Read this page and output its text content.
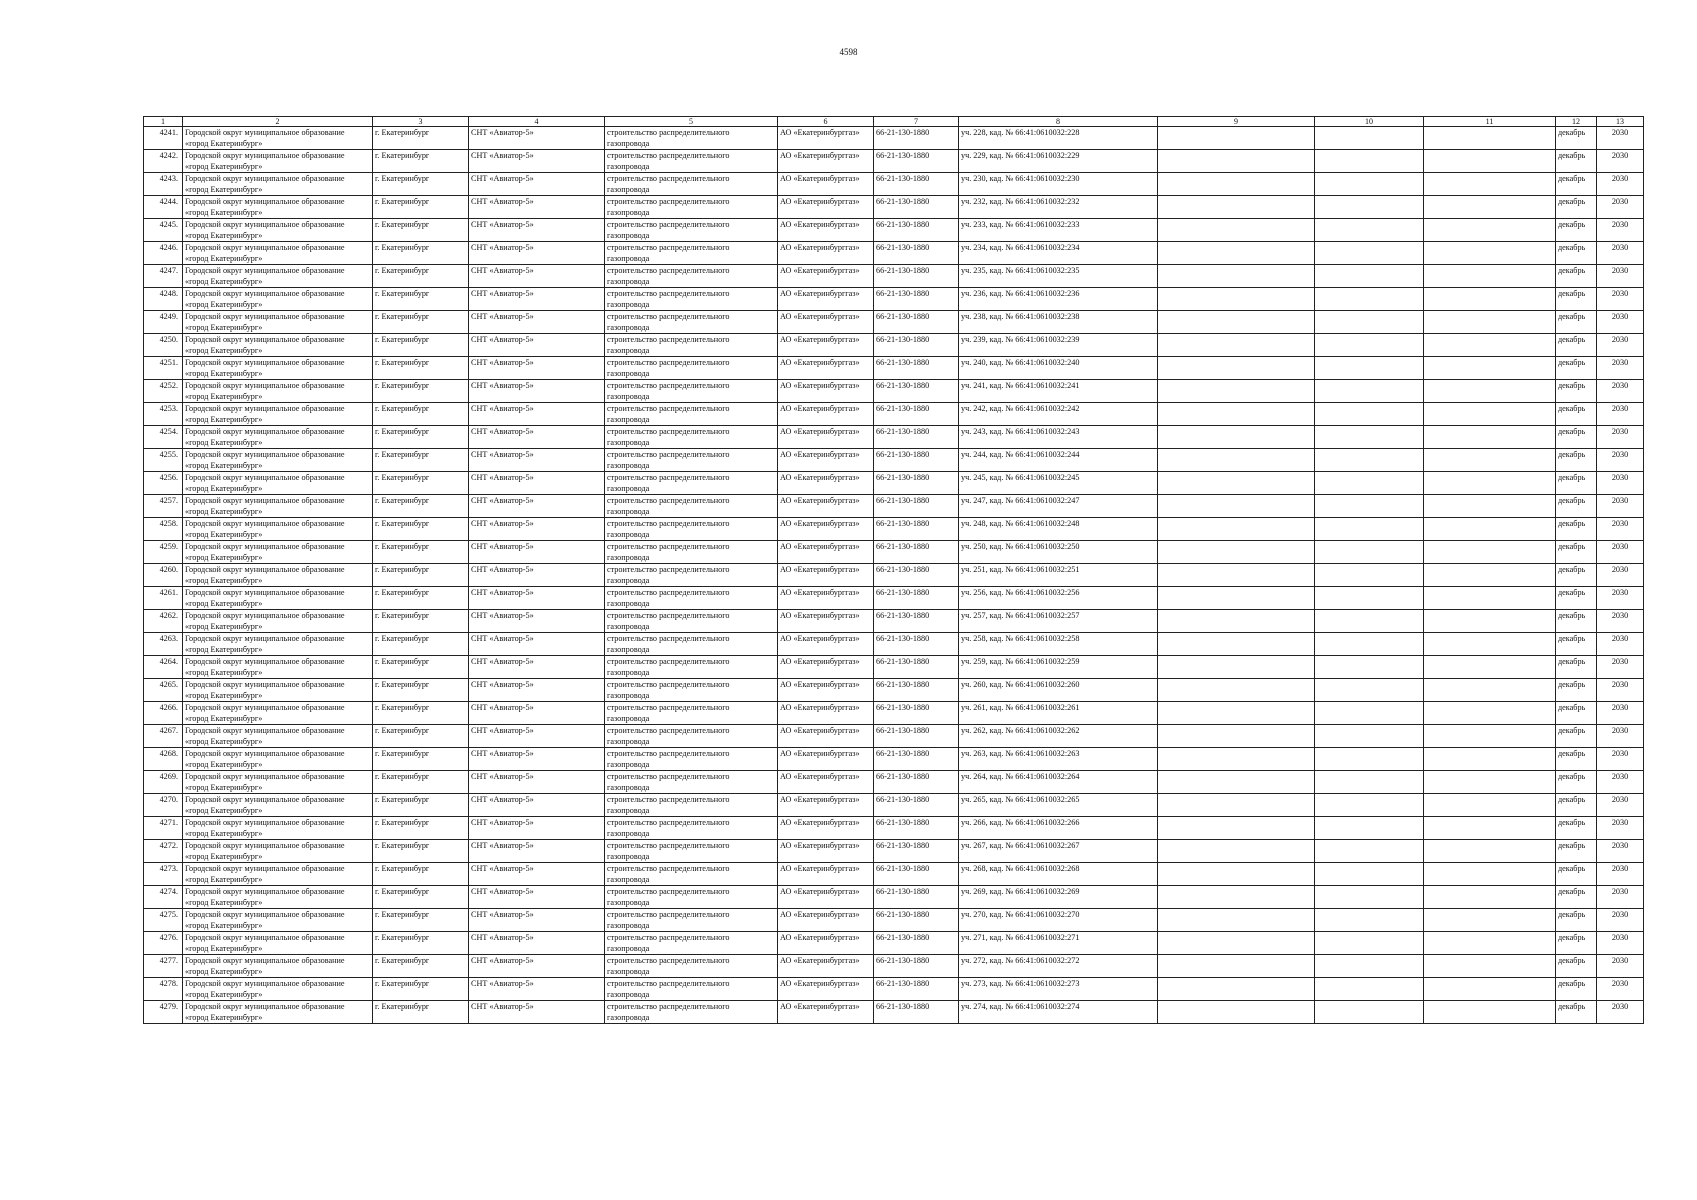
4598
1	2	3	4	5	6	7	8	9	10	11	12	13
4241.	Городской округ муниципальное образование
«город Екатеринбург»	г. Екатеринбург	СНТ «Авиатор-5»	строительство распределительного
газопровода	АО «Екатеринбурггаз»	66-21-130-1880	уч. 228, кад. № 66:41:0610032:228				декабрь	2030
4242.	Городской округ муниципальное образование
«город Екатеринбург»	г. Екатеринбург	СНТ «Авиатор-5»	строительство распределительного
газопровода	АО «Екатеринбурггаз»	66-21-130-1880	уч. 229, кад. № 66:41:0610032:229				декабрь	2030
4243.	Городской округ муниципальное образование
«город Екатеринбург»	г. Екатеринбург	СНТ «Авиатор-5»	строительство распределительного
газопровода	АО «Екатеринбурггаз»	66-21-130-1880	уч. 230, кад. № 66:41:0610032:230				декабрь	2030
4244.	Городской округ муниципальное образование
«город Екатеринбург»	г. Екатеринбург	СНТ «Авиатор-5»	строительство распределительного
газопровода	АО «Екатеринбурггаз»	66-21-130-1880	уч. 232, кад. № 66:41:0610032:232				декабрь	2030
4245.	Городской округ муниципальное образование
«город Екатеринбург»	г. Екатеринбург	СНТ «Авиатор-5»	строительство распределительного
газопровода	АО «Екатеринбурггаз»	66-21-130-1880	уч. 233, кад. № 66:41:0610032:233				декабрь	2030
4246.	Городской округ муниципальное образование
«город Екатеринбург»	г. Екатеринбург	СНТ «Авиатор-5»	строительство распределительного
газопровода	АО «Екатеринбурггаз»	66-21-130-1880	уч. 234, кад. № 66:41:0610032:234				декабрь	2030
4247.	Городской округ муниципальное образование
«город Екатеринбург»	г. Екатеринбург	СНТ «Авиатор-5»	строительство распределительного
газопровода	АО «Екатеринбурггаз»	66-21-130-1880	уч. 235, кад. № 66:41:0610032:235				декабрь	2030
4248.	Городской округ муниципальное образование
«город Екатеринбург»	г. Екатеринбург	СНТ «Авиатор-5»	строительство распределительного
газопровода	АО «Екатеринбурггаз»	66-21-130-1880	уч. 236, кад. № 66:41:0610032:236				декабрь	2030
4249.	Городской округ муниципальное образование
«город Екатеринбург»	г. Екатеринбург	СНТ «Авиатор-5»	строительство распределительного
газопровода	АО «Екатеринбурггаз»	66-21-130-1880	уч. 238, кад. № 66:41:0610032:238				декабрь	2030
4250.	Городской округ муниципальное образование
«город Екатеринбург»	г. Екатеринбург	СНТ «Авиатор-5»	строительство распределительного
газопровода	АО «Екатеринбурггаз»	66-21-130-1880	уч. 239, кад. № 66:41:0610032:239				декабрь	2030
4251.	Городской округ муниципальное образование
«город Екатеринбург»	г. Екатеринбург	СНТ «Авиатор-5»	строительство распределительного
газопровода	АО «Екатеринбурггаз»	66-21-130-1880	уч. 240, кад. № 66:41:0610032:240				декабрь	2030
4252.	Городской округ муниципальное образование
«город Екатеринбург»	г. Екатеринбург	СНТ «Авиатор-5»	строительство распределительного
газопровода	АО «Екатеринбурггаз»	66-21-130-1880	уч. 241, кад. № 66:41:0610032:241				декабрь	2030
4253.	Городской округ муниципальное образование
«город Екатеринбург»	г. Екатеринбург	СНТ «Авиатор-5»	строительство распределительного
газопровода	АО «Екатеринбурггаз»	66-21-130-1880	уч. 242, кад. № 66:41:0610032:242				декабрь	2030
4254.	Городской округ муниципальное образование
«город Екатеринбург»	г. Екатеринбург	СНТ «Авиатор-5»	строительство распределительного
газопровода	АО «Екатеринбурггаз»	66-21-130-1880	уч. 243, кад. № 66:41:0610032:243				декабрь	2030
4255.	Городской округ муниципальное образование
«город Екатеринбург»	г. Екатеринбург	СНТ «Авиатор-5»	строительство распределительного
газопровода	АО «Екатеринбурггаз»	66-21-130-1880	уч. 244, кад. № 66:41:0610032:244				декабрь	2030
4256.	Городской округ муниципальное образование
«город Екатеринбург»	г. Екатеринбург	СНТ «Авиатор-5»	строительство распределительного
газопровода	АО «Екатеринбурггаз»	66-21-130-1880	уч. 245, кад. № 66:41:0610032:245				декабрь	2030
4257.	Городской округ муниципальное образование
«город Екатеринбург»	г. Екатеринбург	СНТ «Авиатор-5»	строительство распределительного
газопровода	АО «Екатеринбурггаз»	66-21-130-1880	уч. 247, кад. № 66:41:0610032:247				декабрь	2030
4258.	Городской округ муниципальное образование
«город Екатеринбург»	г. Екатеринбург	СНТ «Авиатор-5»	строительство распределительного
газопровода	АО «Екатеринбурггаз»	66-21-130-1880	уч. 248, кад. № 66:41:0610032:248				декабрь	2030
4259.	Городской округ муниципальное образование
«город Екатеринбург»	г. Екатеринбург	СНТ «Авиатор-5»	строительство распределительного
газопровода	АО «Екатеринбурггаз»	66-21-130-1880	уч. 250, кад. № 66:41:0610032:250				декабрь	2030
4260.	Городской округ муниципальное образование
«город Екатеринбург»	г. Екатеринбург	СНТ «Авиатор-5»	строительство распределительного
газопровода	АО «Екатеринбурггаз»	66-21-130-1880	уч. 251, кад. № 66:41:0610032:251				декабрь	2030
4261.	Городской округ муниципальное образование
«город Екатеринбург»	г. Екатеринбург	СНТ «Авиатор-5»	строительство распределительного
газопровода	АО «Екатеринбурггаз»	66-21-130-1880	уч. 256, кад. № 66:41:0610032:256				декабрь	2030
4262.	Городской округ муниципальное образование
«город Екатеринбург»	г. Екатеринбург	СНТ «Авиатор-5»	строительство распределительного
газопровода	АО «Екатеринбурггаз»	66-21-130-1880	уч. 257, кад. № 66:41:0610032:257				декабрь	2030
4263.	Городской округ муниципальное образование
«город Екатеринбург»	г. Екатеринбург	СНТ «Авиатор-5»	строительство распределительного
газопровода	АО «Екатеринбурггаз»	66-21-130-1880	уч. 258, кад. № 66:41:0610032:258				декабрь	2030
4264.	Городской округ муниципальное образование
«город Екатеринбург»	г. Екатеринбург	СНТ «Авиатор-5»	строительство распределительного
газопровода	АО «Екатеринбурггаз»	66-21-130-1880	уч. 259, кад. № 66:41:0610032:259				декабрь	2030
4265.	Городской округ муниципальное образование
«город Екатеринбург»	г. Екатеринбург	СНТ «Авиатор-5»	строительство распределительного
газопровода	АО «Екатеринбурггаз»	66-21-130-1880	уч. 260, кад. № 66:41:0610032:260				декабрь	2030
4266.	Городской округ муниципальное образование
«город Екатеринбург»	г. Екатеринбург	СНТ «Авиатор-5»	строительство распределительного
газопровода	АО «Екатеринбурггаз»	66-21-130-1880	уч. 261, кад. № 66:41:0610032:261				декабрь	2030
4267.	Городской округ муниципальное образование
«город Екатеринбург»	г. Екатеринбург	СНТ «Авиатор-5»	строительство распределительного
газопровода	АО «Екатеринбурггаз»	66-21-130-1880	уч. 262, кад. № 66:41:0610032:262				декабрь	2030
4268.	Городской округ муниципальное образование
«город Екатеринбург»	г. Екатеринбург	СНТ «Авиатор-5»	строительство распределительного
газопровода	АО «Екатеринбурггаз»	66-21-130-1880	уч. 263, кад. № 66:41:0610032:263				декабрь	2030
4269.	Городской округ муниципальное образование
«город Екатеринбург»	г. Екатеринбург	СНТ «Авиатор-5»	строительство распределительного
газопровода	АО «Екатеринбурггаз»	66-21-130-1880	уч. 264, кад. № 66:41:0610032:264				декабрь	2030
4270.	Городской округ муниципальное образование
«город Екатеринбург»	г. Екатеринбург	СНТ «Авиатор-5»	строительство распределительного
газопровода	АО «Екатеринбурггаз»	66-21-130-1880	уч. 265, кад. № 66:41:0610032:265				декабрь	2030
4271.	Городской округ муниципальное образование
«город Екатеринбург»	г. Екатеринбург	СНТ «Авиатор-5»	строительство распределительного
газопровода	АО «Екатеринбурггаз»	66-21-130-1880	уч. 266, кад. № 66:41:0610032:266				декабрь	2030
4272.	Городской округ муниципальное образование
«город Екатеринбург»	г. Екатеринбург	СНТ «Авиатор-5»	строительство распределительного
газопровода	АО «Екатеринбурггаз»	66-21-130-1880	уч. 267, кад. № 66:41:0610032:267				декабрь	2030
4273.	Городской округ муниципальное образование
«город Екатеринбург»	г. Екатеринбург	СНТ «Авиатор-5»	строительство распределительного
газопровода	АО «Екатеринбурггаз»	66-21-130-1880	уч. 268, кад. № 66:41:0610032:268				декабрь	2030
4274.	Городской округ муниципальное образование
«город Екатеринбург»	г. Екатеринбург	СНТ «Авиатор-5»	строительство распределительного
газопровода	АО «Екатеринбурггаз»	66-21-130-1880	уч. 269, кад. № 66:41:0610032:269				декабрь	2030
4275.	Городской округ муниципальное образование
«город Екатеринбург»	г. Екатеринбург	СНТ «Авиатор-5»	строительство распределительного
газопровода	АО «Екатеринбурггаз»	66-21-130-1880	уч. 270, кад. № 66:41:0610032:270				декабрь	2030
4276.	Городской округ муниципальное образование
«город Екатеринбург»	г. Екатеринбург	СНТ «Авиатор-5»	строительство распределительного
газопровода	АО «Екатеринбурггаз»	66-21-130-1880	уч. 271, кад. № 66:41:0610032:271				декабрь	2030
4277.	Городской округ муниципальное образование
«город Екатеринбург»	г. Екатеринбург	СНТ «Авиатор-5»	строительство распределительного
газопровода	АО «Екатеринбурггаз»	66-21-130-1880	уч. 272, кад. № 66:41:0610032:272				декабрь	2030
4278.	Городской округ муниципальное образование
«город Екатеринбург»	г. Екатеринбург	СНТ «Авиатор-5»	строительство распределительного
газопровода	АО «Екатеринбурггаз»	66-21-130-1880	уч. 273, кад. № 66:41:0610032:273				декабрь	2030
4279.	Городской округ муниципальное образование
«город Екатеринбург»	г. Екатеринбург	СНТ «Авиатор-5»	строительство распределительного
газопровода	АО «Екатеринбурггаз»	66-21-130-1880	уч. 274, кад. № 66:41:0610032:274				декабрь	2030
